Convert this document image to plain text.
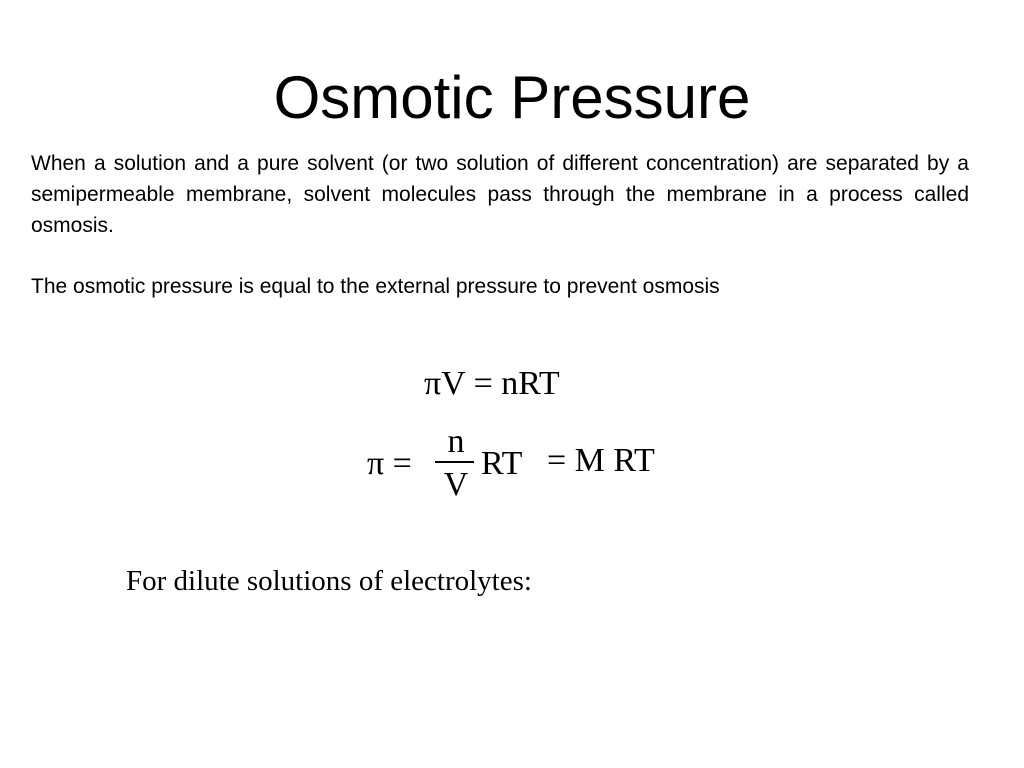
Osmotic Pressure
When a solution and a pure solvent (or two solution of different concentration) are separated by a semipermeable membrane, solvent molecules pass through the membrane in a process called osmosis.
The osmotic pressure is equal to the external pressure to prevent osmosis
πV = nRT
π =
n
V
RT = M RT
For dilute solutions of electrolytes:
